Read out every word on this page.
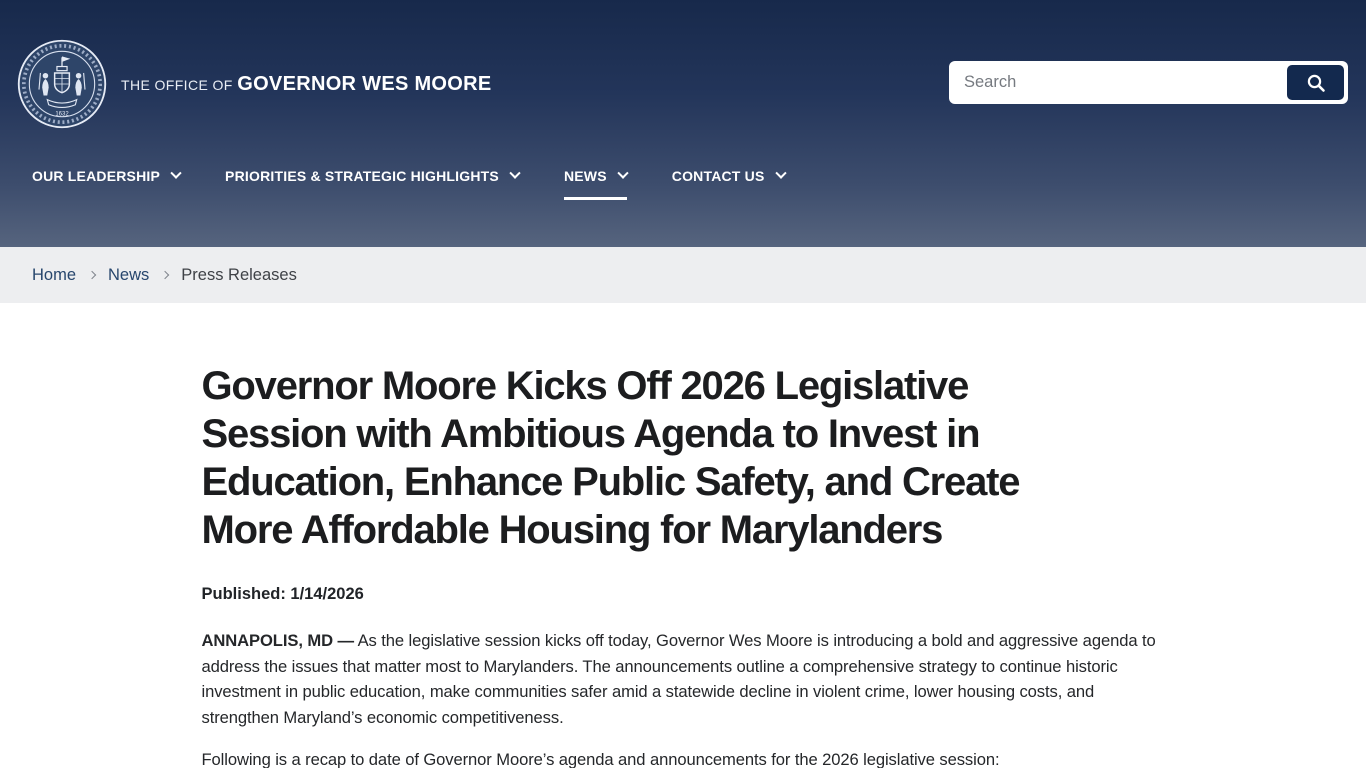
1632
THE OFFICE OF GOVERNOR WES MOORE
Search
OUR LEADERSHIP	PRIORITIES & STRATEGIC HIGHLIGHTS	NEWS	CONTACT US
Home News Press Releases
Governor Moore Kicks Off 2026 Legislative
Session with Ambitious Agenda to Invest in
Education, Enhance Public Safety, and Create
More Affordable Housing for Marylanders

Published: 1/14/2026

ANNAPOLIS, MD — As the legislative session kicks off today, Governor Wes Moore is introducing a bold and aggressive agenda to address the issues that matter most to Marylanders. The announcements outline a comprehensive strategy to continue historic investment in public education, make communities safer amid a statewide decline in violent crime, lower housing costs, and strengthen Maryland’s economic competitiveness.

Following is a recap to date of Governor Moore’s agenda and announcements for the 2026 legislative session:
